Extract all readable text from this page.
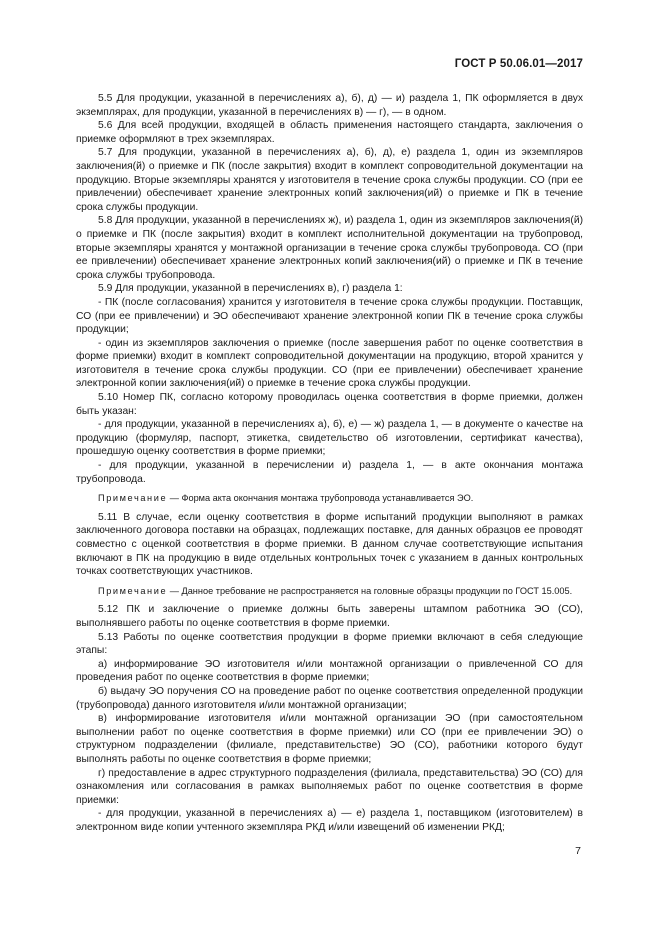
ГОСТ Р 50.06.01—2017

5.5 Для продукции, указанной в перечислениях а), б), д) — и) раздела 1, ПК оформляется в двух экземплярах, для продукции, указанной в перечислениях в) — г), — в одном.

5.6 Для всей продукции, входящей в область применения настоящего стандарта, заключения о приемке оформляют в трех экземплярах.

5.7 Для продукции, указанной в перечислениях а), б), д), е) раздела 1, один из экземпляров заключения(й) о приемке и ПК (после закрытия) входит в комплект сопроводительной документации на продукцию. Вторые экземпляры хранятся у изготовителя в течение срока службы продукции. СО (при ее привлечении) обеспечивает хранение электронных копий заключения(ий) о приемке и ПК в течение срока службы продукции.

5.8 Для продукции, указанной в перечислениях ж), и) раздела 1, один из экземпляров заключения(й) о приемке и ПК (после закрытия) входит в комплект исполнительной документации на трубопровод, вторые экземпляры хранятся у монтажной организации в течение срока службы трубопровода. СО (при ее привлечении) обеспечивает хранение электронных копий заключения(ий) о приемке и ПК в течение срока службы трубопровода.

5.9 Для продукции, указанной в перечислениях в), г) раздела 1:

- ПК (после согласования) хранится у изготовителя в течение срока службы продукции. Поставщик, СО (при ее привлечении) и ЭО обеспечивают хранение электронной копии ПК в течение срока службы продукции;

- один из экземпляров заключения о приемке (после завершения работ по оценке соответствия в форме приемки) входит в комплект сопроводительной документации на продукцию, второй хранится у изготовителя в течение срока службы продукции. СО (при ее привлечении) обеспечивает хранение электронной копии заключения(ий) о приемке в течение срока службы продукции.

5.10 Номер ПК, согласно которому проводилась оценка соответствия в форме приемки, должен быть указан:

- для продукции, указанной в перечислениях а), б), е) — ж) раздела 1, — в документе о качестве на продукцию (формуляр, паспорт, этикетка, свидетельство об изготовлении, сертификат качества), прошедшую оценку соответствия в форме приемки;

- для продукции, указанной в перечислении и) раздела 1, — в акте окончания монтажа трубопровода.

Примечание — Форма акта окончания монтажа трубопровода устанавливается ЭО.

5.11 В случае, если оценку соответствия в форме испытаний продукции выполняют в рамках заключенного договора поставки на образцах, подлежащих поставке, для данных образцов ее проводят совместно с оценкой соответствия в форме приемки. В данном случае соответствующие испытания включают в ПК на продукцию в виде отдельных контрольных точек с указанием в данных контрольных точках соответствующих участников.

Примечание — Данное требование не распространяется на головные образцы продукции по ГОСТ 15.005.

5.12 ПК и заключение о приемке должны быть заверены штампом работника ЭО (СО), выполнявшего работы по оценке соответствия в форме приемки.

5.13 Работы по оценке соответствия продукции в форме приемки включают в себя следующие этапы:

а) информирование ЭО изготовителя и/или монтажной организации о привлеченной СО для проведения работ по оценке соответствия в форме приемки;

б) выдачу ЭО поручения СО на проведение работ по оценке соответствия определенной продукции (трубопровода) данного изготовителя и/или монтажной организации;

в) информирование изготовителя и/или монтажной организации ЭО (при самостоятельном выполнении работ по оценке соответствия в форме приемки) или СО (при ее привлечении ЭО) о структурном подразделении (филиале, представительстве) ЭО (СО), работники которого будут выполнять работы по оценке соответствия в форме приемки;

г) предоставление в адрес структурного подразделения (филиала, представительства) ЭО (СО) для ознакомления или согласования в рамках выполняемых работ по оценке соответствия в форме приемки:

- для продукции, указанной в перечислениях а) — е) раздела 1, поставщиком (изготовителем) в электронном виде копии учтенного экземпляра РКД и/или извещений об изменении РКД;

7
